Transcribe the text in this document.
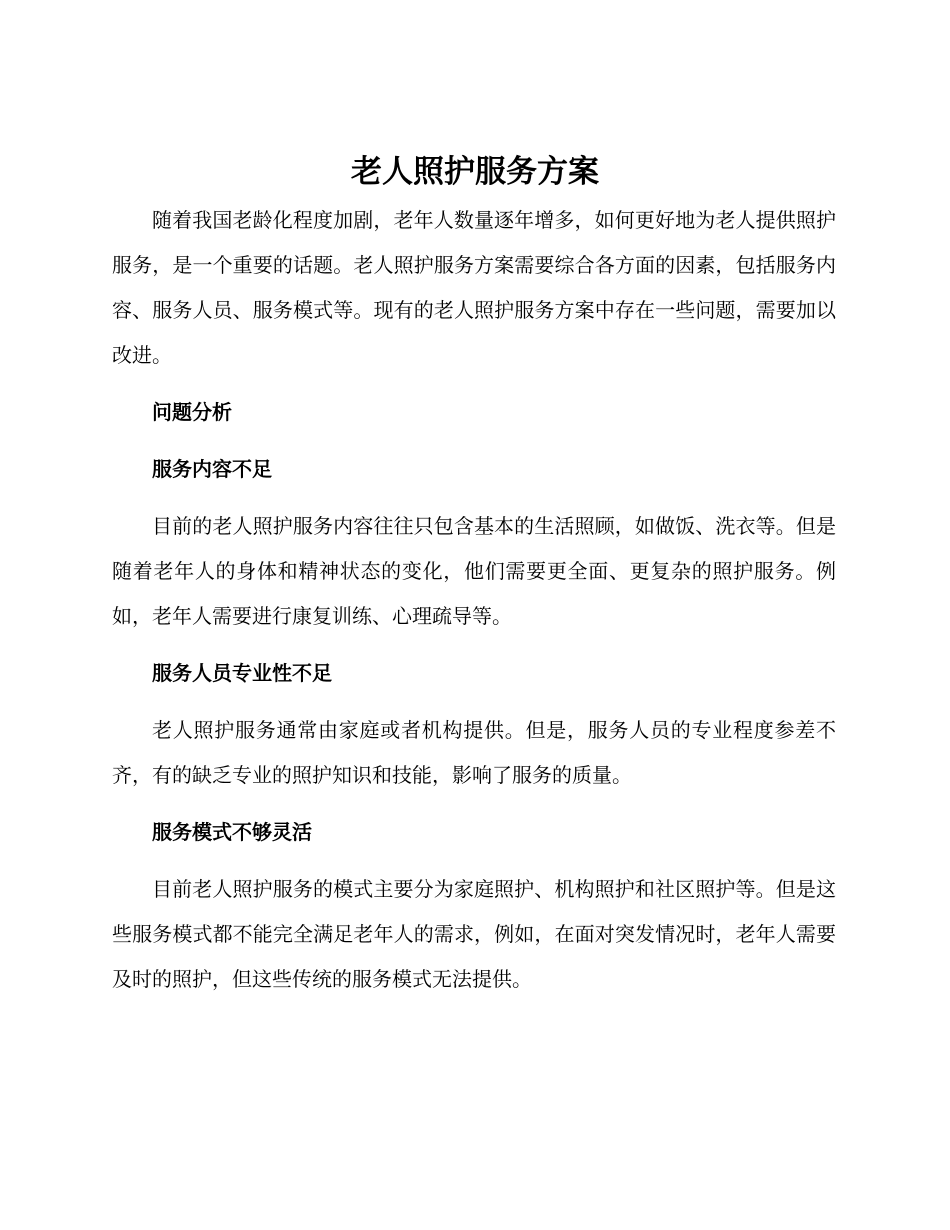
老人照护服务方案

随着我国老龄化程度加剧，老年人数量逐年增多，如何更好地为老人提供照护服务，是一个重要的话题。老人照护服务方案需要综合各方面的因素，包括服务内容、服务人员、服务模式等。现有的老人照护服务方案中存在一些问题，需要加以改进。

问题分析

服务内容不足

目前的老人照护服务内容往往只包含基本的生活照顾，如做饭、洗衣等。但是随着老年人的身体和精神状态的变化，他们需要更全面、更复杂的照护服务。例如，老年人需要进行康复训练、心理疏导等。

服务人员专业性不足

老人照护服务通常由家庭或者机构提供。但是，服务人员的专业程度参差不齐，有的缺乏专业的照护知识和技能，影响了服务的质量。

服务模式不够灵活

目前老人照护服务的模式主要分为家庭照护、机构照护和社区照护等。但是这些服务模式都不能完全满足老年人的需求，例如，在面对突发情况时，老年人需要及时的照护，但这些传统的服务模式无法提供。
